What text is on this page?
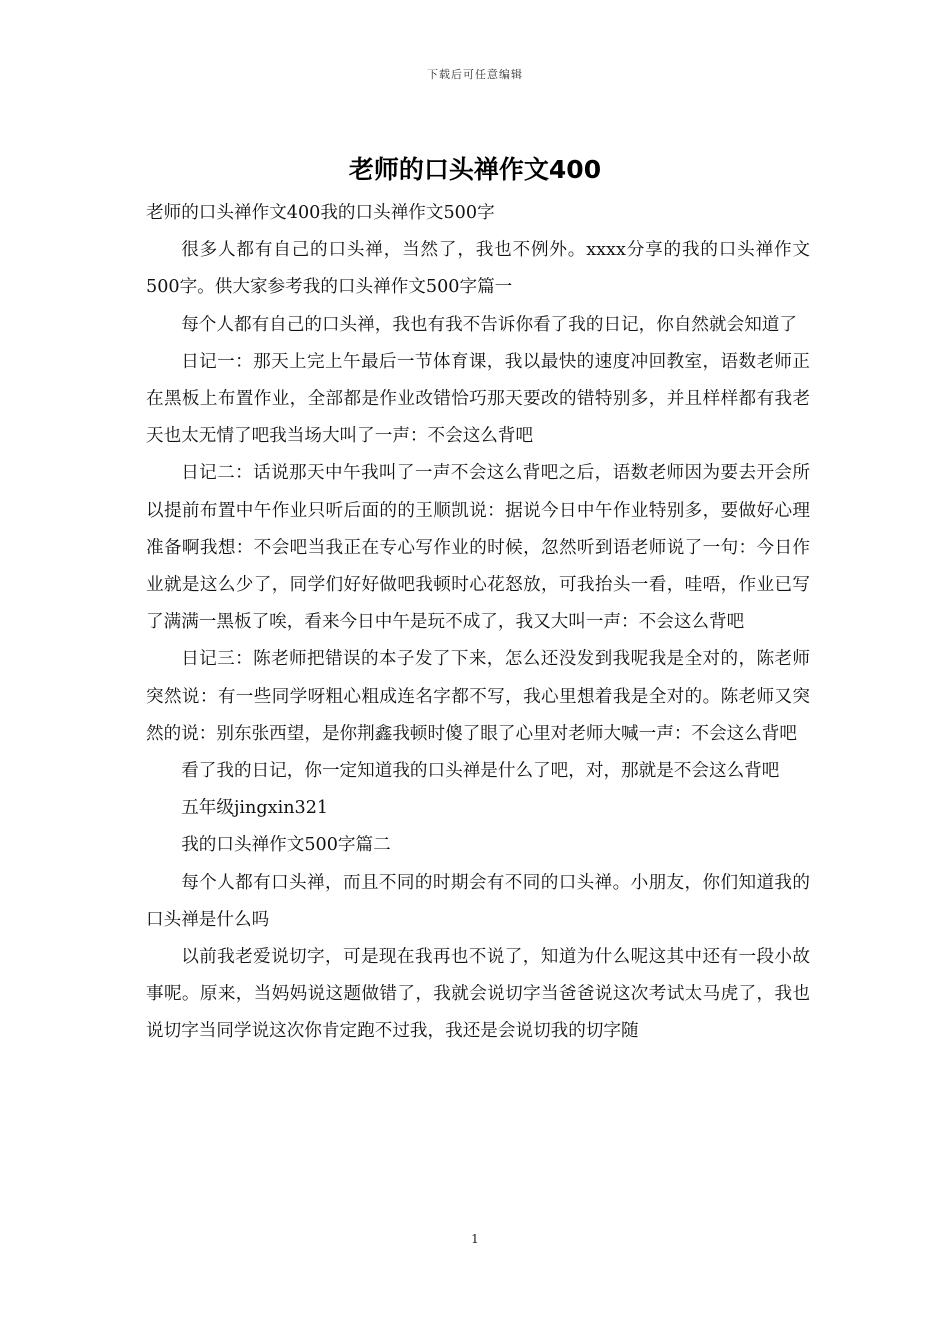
下载后可任意编辑
老师的口头禅作文400

老师的口头禅作文400我的口头禅作文500字

很多人都有自己的口头禅，当然了，我也不例外。xxxx分享的我的口头禅作文500字。供大家参考我的口头禅作文500字篇一

每个人都有自己的口头禅，我也有我不告诉你看了我的日记，你自然就会知道了

日记一：那天上完上午最后一节体育课，我以最快的速度冲回教室，语数老师正在黑板上布置作业，全部都是作业改错恰巧那天要改的错特别多，并且样样都有我老天也太无情了吧我当场大叫了一声：不会这么背吧

日记二：话说那天中午我叫了一声不会这么背吧之后，语数老师因为要去开会所以提前布置中午作业只听后面的的王顺凯说：据说今日中午作业特别多，要做好心理准备啊我想：不会吧当我正在专心写作业的时候，忽然听到语老师说了一句：今日作业就是这么少了，同学们好好做吧我顿时心花怒放，可我抬头一看，哇唔，作业已写了满满一黑板了唉，看来今日中午是玩不成了，我又大叫一声：不会这么背吧

日记三：陈老师把错误的本子发了下来，怎么还没发到我呢我是全对的，陈老师突然说：有一些同学呀粗心粗成连名字都不写，我心里想着我是全对的。陈老师又突然的说：别东张西望，是你荆鑫我顿时傻了眼了心里对老师大喊一声：不会这么背吧

看了我的日记，你一定知道我的口头禅是什么了吧，对，那就是不会这么背吧

五年级jingxin321

我的口头禅作文500字篇二

每个人都有口头禅，而且不同的时期会有不同的口头禅。小朋友，你们知道我的口头禅是什么吗

以前我老爱说切字，可是现在我再也不说了，知道为什么呢这其中还有一段小故事呢。原来，当妈妈说这题做错了，我就会说切字当爸爸说这次考试太马虎了，我也说切字当同学说这次你肯定跑不过我，我还是会说切我的切字随

1
